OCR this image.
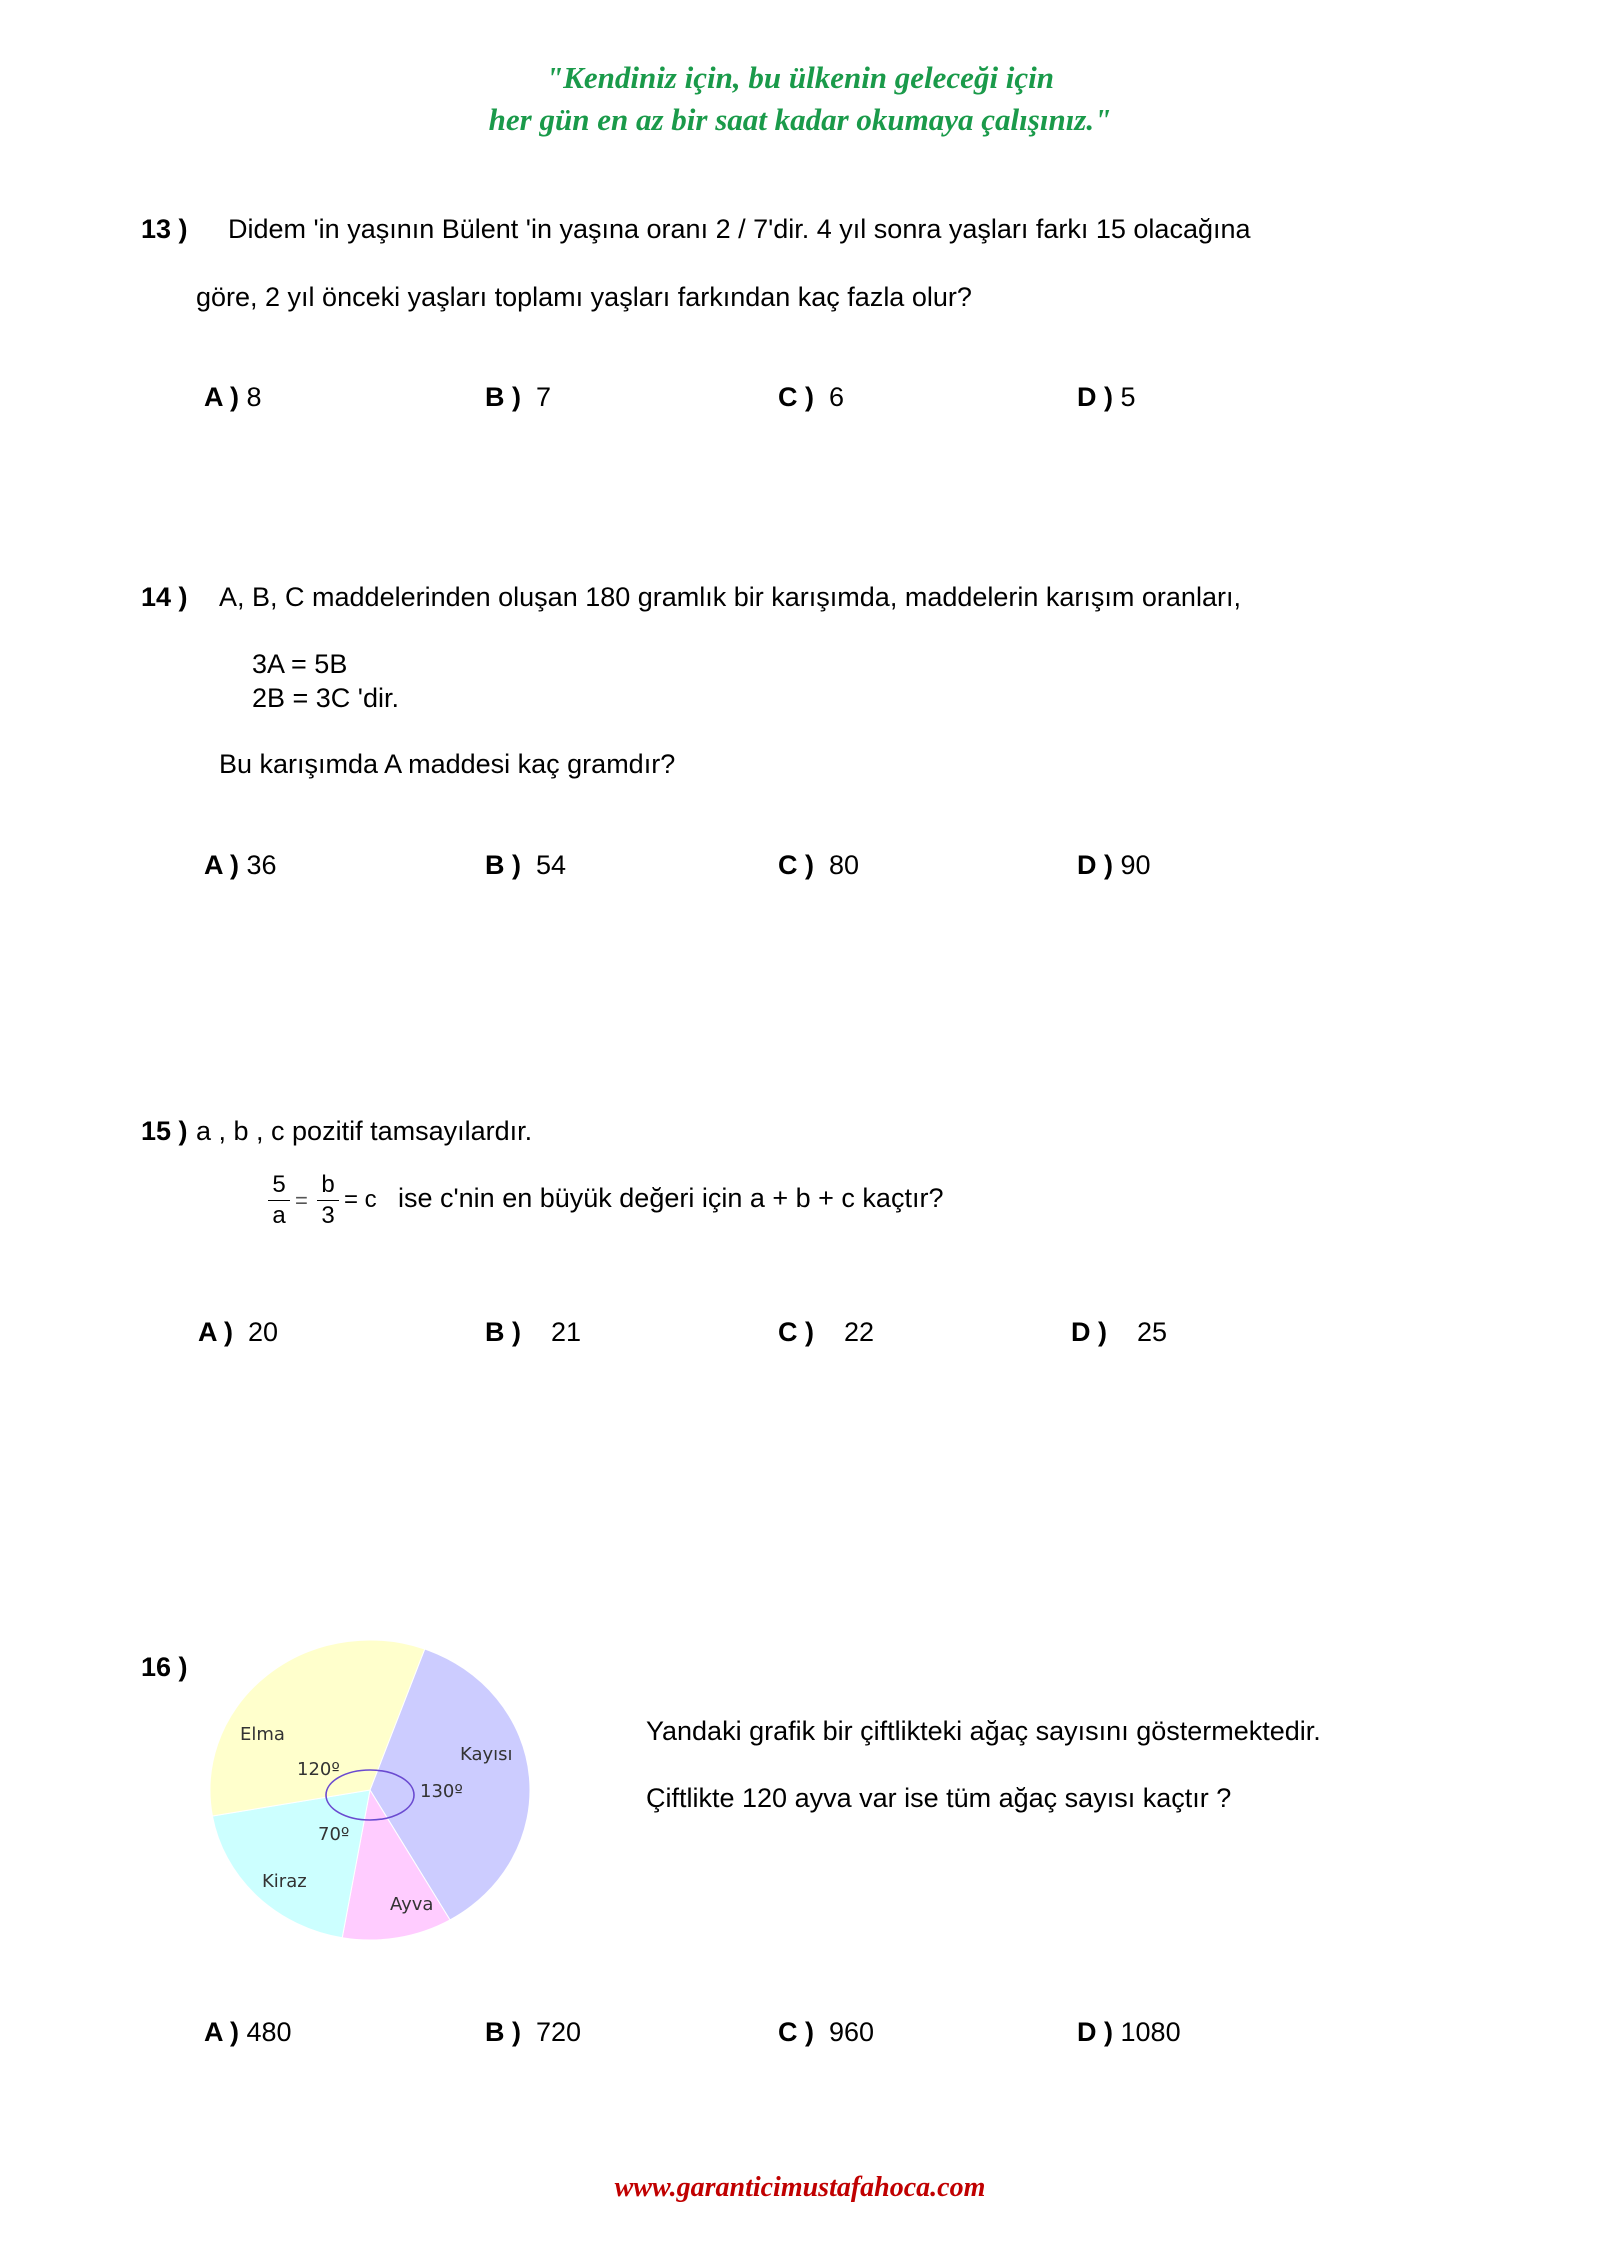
"Kendiniz için, bu ülkenin geleceği için
her gün en az bir saat kadar okumaya çalışınız."
13 ) Didem 'in yaşının Bülent 'in yaşına oranı 2 / 7'dir. 4 yıl sonra yaşları farkı 15 olacağına
göre, 2 yıl önceki yaşları toplamı yaşları farkından kaç fazla olur?
A ) 8	B ) 7	C ) 6	D ) 5
14 ) A, B, C maddelerinden oluşan 180 gramlık bir karışımda, maddelerin karışım oranları,
3A = 5B
2B = 3C 'dir.
Bu karışımda A maddesi kaç gramdır?
A ) 36	B ) 54	C ) 80	D ) 90
15 ) a , b , c pozitif tamsayılardır.
5
a
=
b
3
= c ise c'nin en büyük değeri için a + b + c kaçtır?
A ) 20	B ) 21	C ) 22	D ) 25
16 )
Elma
120º
Kayısı
130º
70º
Kiraz
Ayva
Yandaki grafik bir çiftlikteki ağaç sayısını göstermektedir.
Çiftlikte 120 ayva var ise tüm ağaç sayısı kaçtır ?
A ) 480	B ) 720	C ) 960	D ) 1080
www.garanticimustafahoca.com
